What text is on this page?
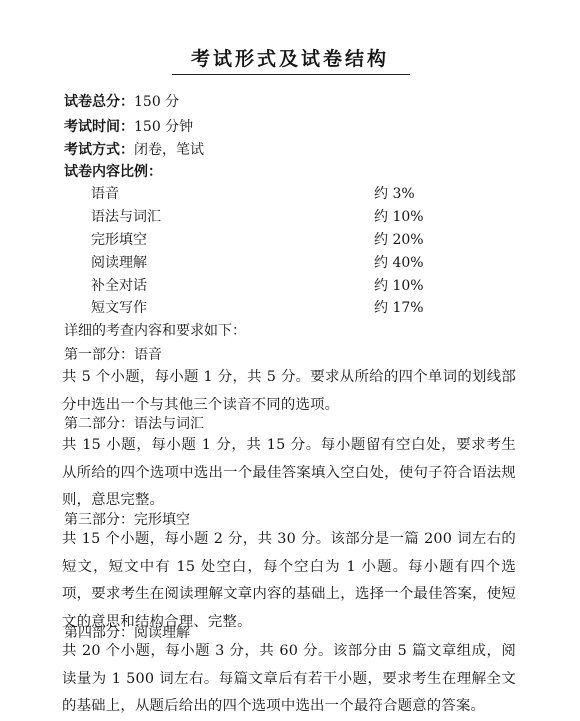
考试形式及试卷结构
试卷总分：150 分
考试时间：150 分钟
考试方式：闭卷，笔试
试卷内容比例：
语音	约 3%
语法与词汇	约 10%
完形填空	约 20%
阅读理解	约 40%
补全对话	约 10%
短文写作	约 17%
详细的考查内容和要求如下：
第一部分：语音
共 5 个小题，每小题 1 分，共 5 分。要求从所给的四个单词的划线部分中选出一个与其他三个读音不同的选项。
第二部分：语法与词汇
共 15 小题，每小题 1 分，共 15 分。每小题留有空白处，要求考生从所给的四个选项中选出一个最佳答案填入空白处，使句子符合语法规则，意思完整。
第三部分：完形填空
共 15 个小题，每小题 2 分，共 30 分。该部分是一篇 200 词左右的短文，短文中有 15 处空白，每个空白为 1 小题。每小题有四个选项，要求考生在阅读理解文章内容的基础上，选择一个最佳答案，使短文的意思和结构合理、完整。
第四部分：阅读理解
共 20 个小题，每小题 3 分，共 60 分。该部分由 5 篇文章组成，阅读量为 1 500 词左右。每篇文章后有若干小题，要求考生在理解全文的基础上，从题后给出的四个选项中选出一个最符合题意的答案。
